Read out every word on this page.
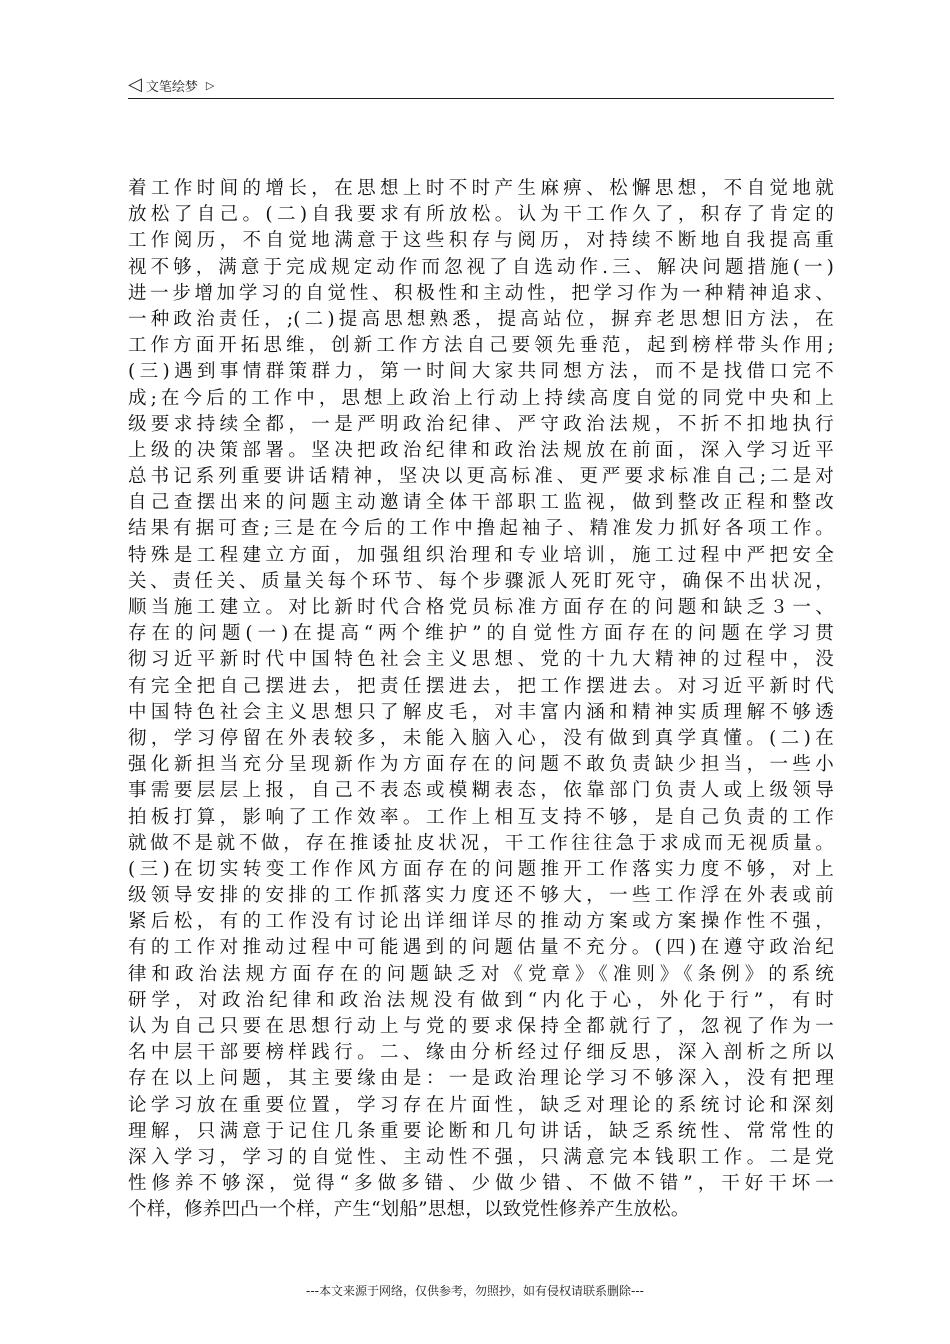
◁ 文笔绘梦 ▷
着工作时间的增长，在思想上时不时产生麻痹、松懈思想，不自觉地就
放松了自己。(二)自我要求有所放松。认为干工作久了，积存了肯定的
工作阅历，不自觉地满意于这些积存与阅历，对持续不断地自我提高重
视不够，满意于完成规定动作而忽视了自选动作.三、解决问题措施(一)
进一步增加学习的自觉性、积极性和主动性，把学习作为一种精神追求、
一种政治责任，;(二)提高思想熟悉，提高站位，摒弃老思想旧方法，在
工作方面开拓思维，创新工作方法自己要领先垂范，起到榜样带头作用;
(三)遇到事情群策群力，第一时间大家共同想方法，而不是找借口完不
成;在今后的工作中，思想上政治上行动上持续高度自觉的同党中央和上
级要求持续全都，一是严明政治纪律、严守政治法规，不折不扣地执行
上级的决策部署。坚决把政治纪律和政治法规放在前面，深入学习近平
总书记系列重要讲话精神，坚决以更高标准、更严要求标准自己;二是对
自己查摆出来的问题主动邀请全体干部职工监视，做到整改正程和整改
结果有据可查;三是在今后的工作中撸起袖子、精准发力抓好各项工作。
特殊是工程建立方面，加强组织治理和专业培训，施工过程中严把安全
关、责任关、质量关每个环节、每个步骤派人死盯死守，确保不出状况，
顺当施工建立。对比新时代合格党员标准方面存在的问题和缺乏３一、
存在的问题(一)在提高“两个维护”的自觉性方面存在的问题在学习贯
彻习近平新时代中国特色社会主义思想、党的十九大精神的过程中，没
有完全把自己摆进去，把责任摆进去，把工作摆进去。对习近平新时代
中国特色社会主义思想只了解皮毛，对丰富内涵和精神实质理解不够透
彻，学习停留在外表较多，未能入脑入心，没有做到真学真懂。(二)在
强化新担当充分呈现新作为方面存在的问题不敢负责缺少担当，一些小
事需要层层上报，自己不表态或模糊表态，依靠部门负责人或上级领导
拍板打算，影响了工作效率。工作上相互支持不够，是自己负责的工作
就做不是就不做，存在推诿扯皮状况，干工作往往急于求成而无视质量。
(三)在切实转变工作作风方面存在的问题推开工作落实力度不够，对上
级领导安排的安排的工作抓落实力度还不够大，一些工作浮在外表或前
紧后松，有的工作没有讨论出详细详尽的推动方案或方案操作性不强，
有的工作对推动过程中可能遇到的问题估量不充分。(四)在遵守政治纪
律和政治法规方面存在的问题缺乏对《党章》《准则》《条例》的系统
研学，对政治纪律和政治法规没有做到“内化于心，外化于行”，有时
认为自己只要在思想行动上与党的要求保持全都就行了，忽视了作为一
名中层干部要榜样践行。二、缘由分析经过仔细反思，深入剖析之所以
存在以上问题，其主要缘由是：一是政治理论学习不够深入，没有把理
论学习放在重要位置，学习存在片面性，缺乏对理论的系统讨论和深刻
理解，只满意于记住几条重要论断和几句讲话，缺乏系统性、常常性的
深入学习，学习的自觉性、主动性不强，只满意完本钱职工作。二是党
性修养不够深，觉得“多做多错、少做少错、不做不错”，干好干坏一
个样，修养凹凸一个样，产生“划船”思想，以致党性修养产生放松。
---本文来源于网络，仅供参考，勿照抄，如有侵权请联系删除---
